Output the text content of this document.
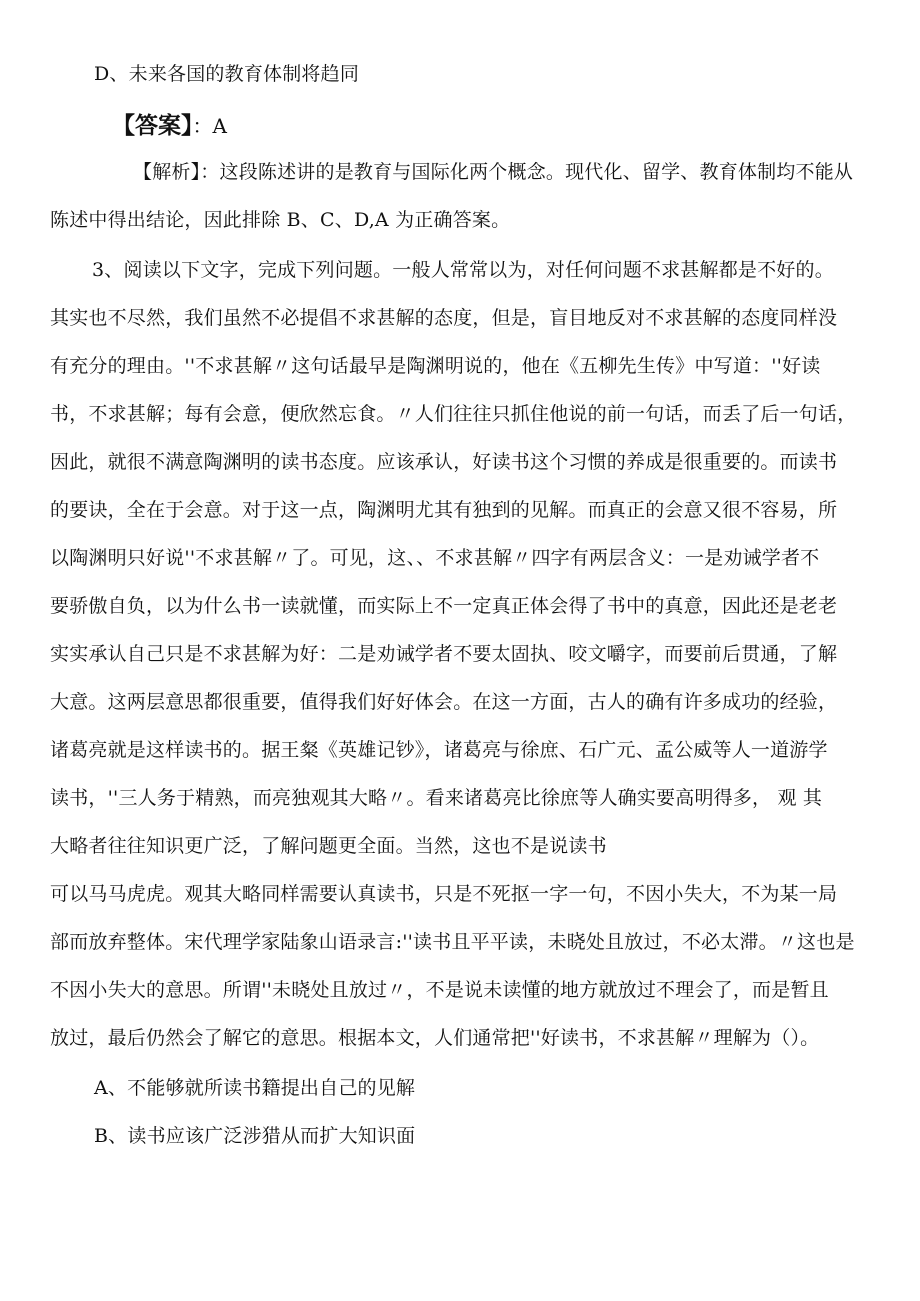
D、未来各国的教育体制将趋同
【答案】：A
【解析】：这段陈述讲的是教育与国际化两个概念。现代化、留学、教育体制均不能从
陈述中得出结论，因此排除 B、C、D,A 为正确答案。
3、阅读以下文字，完成下列问题。一般人常常以为，对任何问题不求甚解都是不好的。
其实也不尽然，我们虽然不必提倡不求甚解的态度，但是，盲目地反对不求甚解的态度同样没
有充分的理由。''不求甚解〃这句话最早是陶渊明说的，他在《五柳先生传》中写道：''好读
书，不求甚解；每有会意，便欣然忘食。〃人们往往只抓住他说的前一句话，而丢了后一句话，
因此，就很不满意陶渊明的读书态度。应该承认，好读书这个习惯的养成是很重要的。而读书
的要诀，全在于会意。对于这一点，陶渊明尤其有独到的见解。而真正的会意又很不容易，所
以陶渊明只好说''不求甚解〃了。可见，这、、不求甚解〃四字有两层含义：一是劝诫学者不
要骄傲自负，以为什么书一读就懂，而实际上不一定真正体会得了书中的真意，因此还是老老
实实承认自己只是不求甚解为好：二是劝诫学者不要太固执、咬文嚼字，而要前后贯通，了解
大意。这两层意思都很重要，值得我们好好体会。在这一方面，古人的确有许多成功的经验，
诸葛亮就是这样读书的。据王粲《英雄记钞》，诸葛亮与徐庶、石广元、孟公威等人一道游学
读书，''三人务于精熟，而亮独观其大略〃。看来诸葛亮比徐庶等人确实要高明得多， 观 其
大略者往往知识更广泛，了解问题更全面。当然，这也不是说读书
可以马马虎虎。观其大略同样需要认真读书，只是不死抠一字一句，不因小失大，不为某一局
部而放弃整体。宋代理学家陆象山语录言:''读书且平平读，未晓处且放过，不必太滞。〃这也是
不因小失大的意思。所谓''未晓处且放过〃，不是说未读懂的地方就放过不理会了，而是暂且
放过，最后仍然会了解它的意思。根据本文，人们通常把''好读书，不求甚解〃理解为（）。
A、不能够就所读书籍提出自己的见解
B、读书应该广泛涉猎从而扩大知识面
